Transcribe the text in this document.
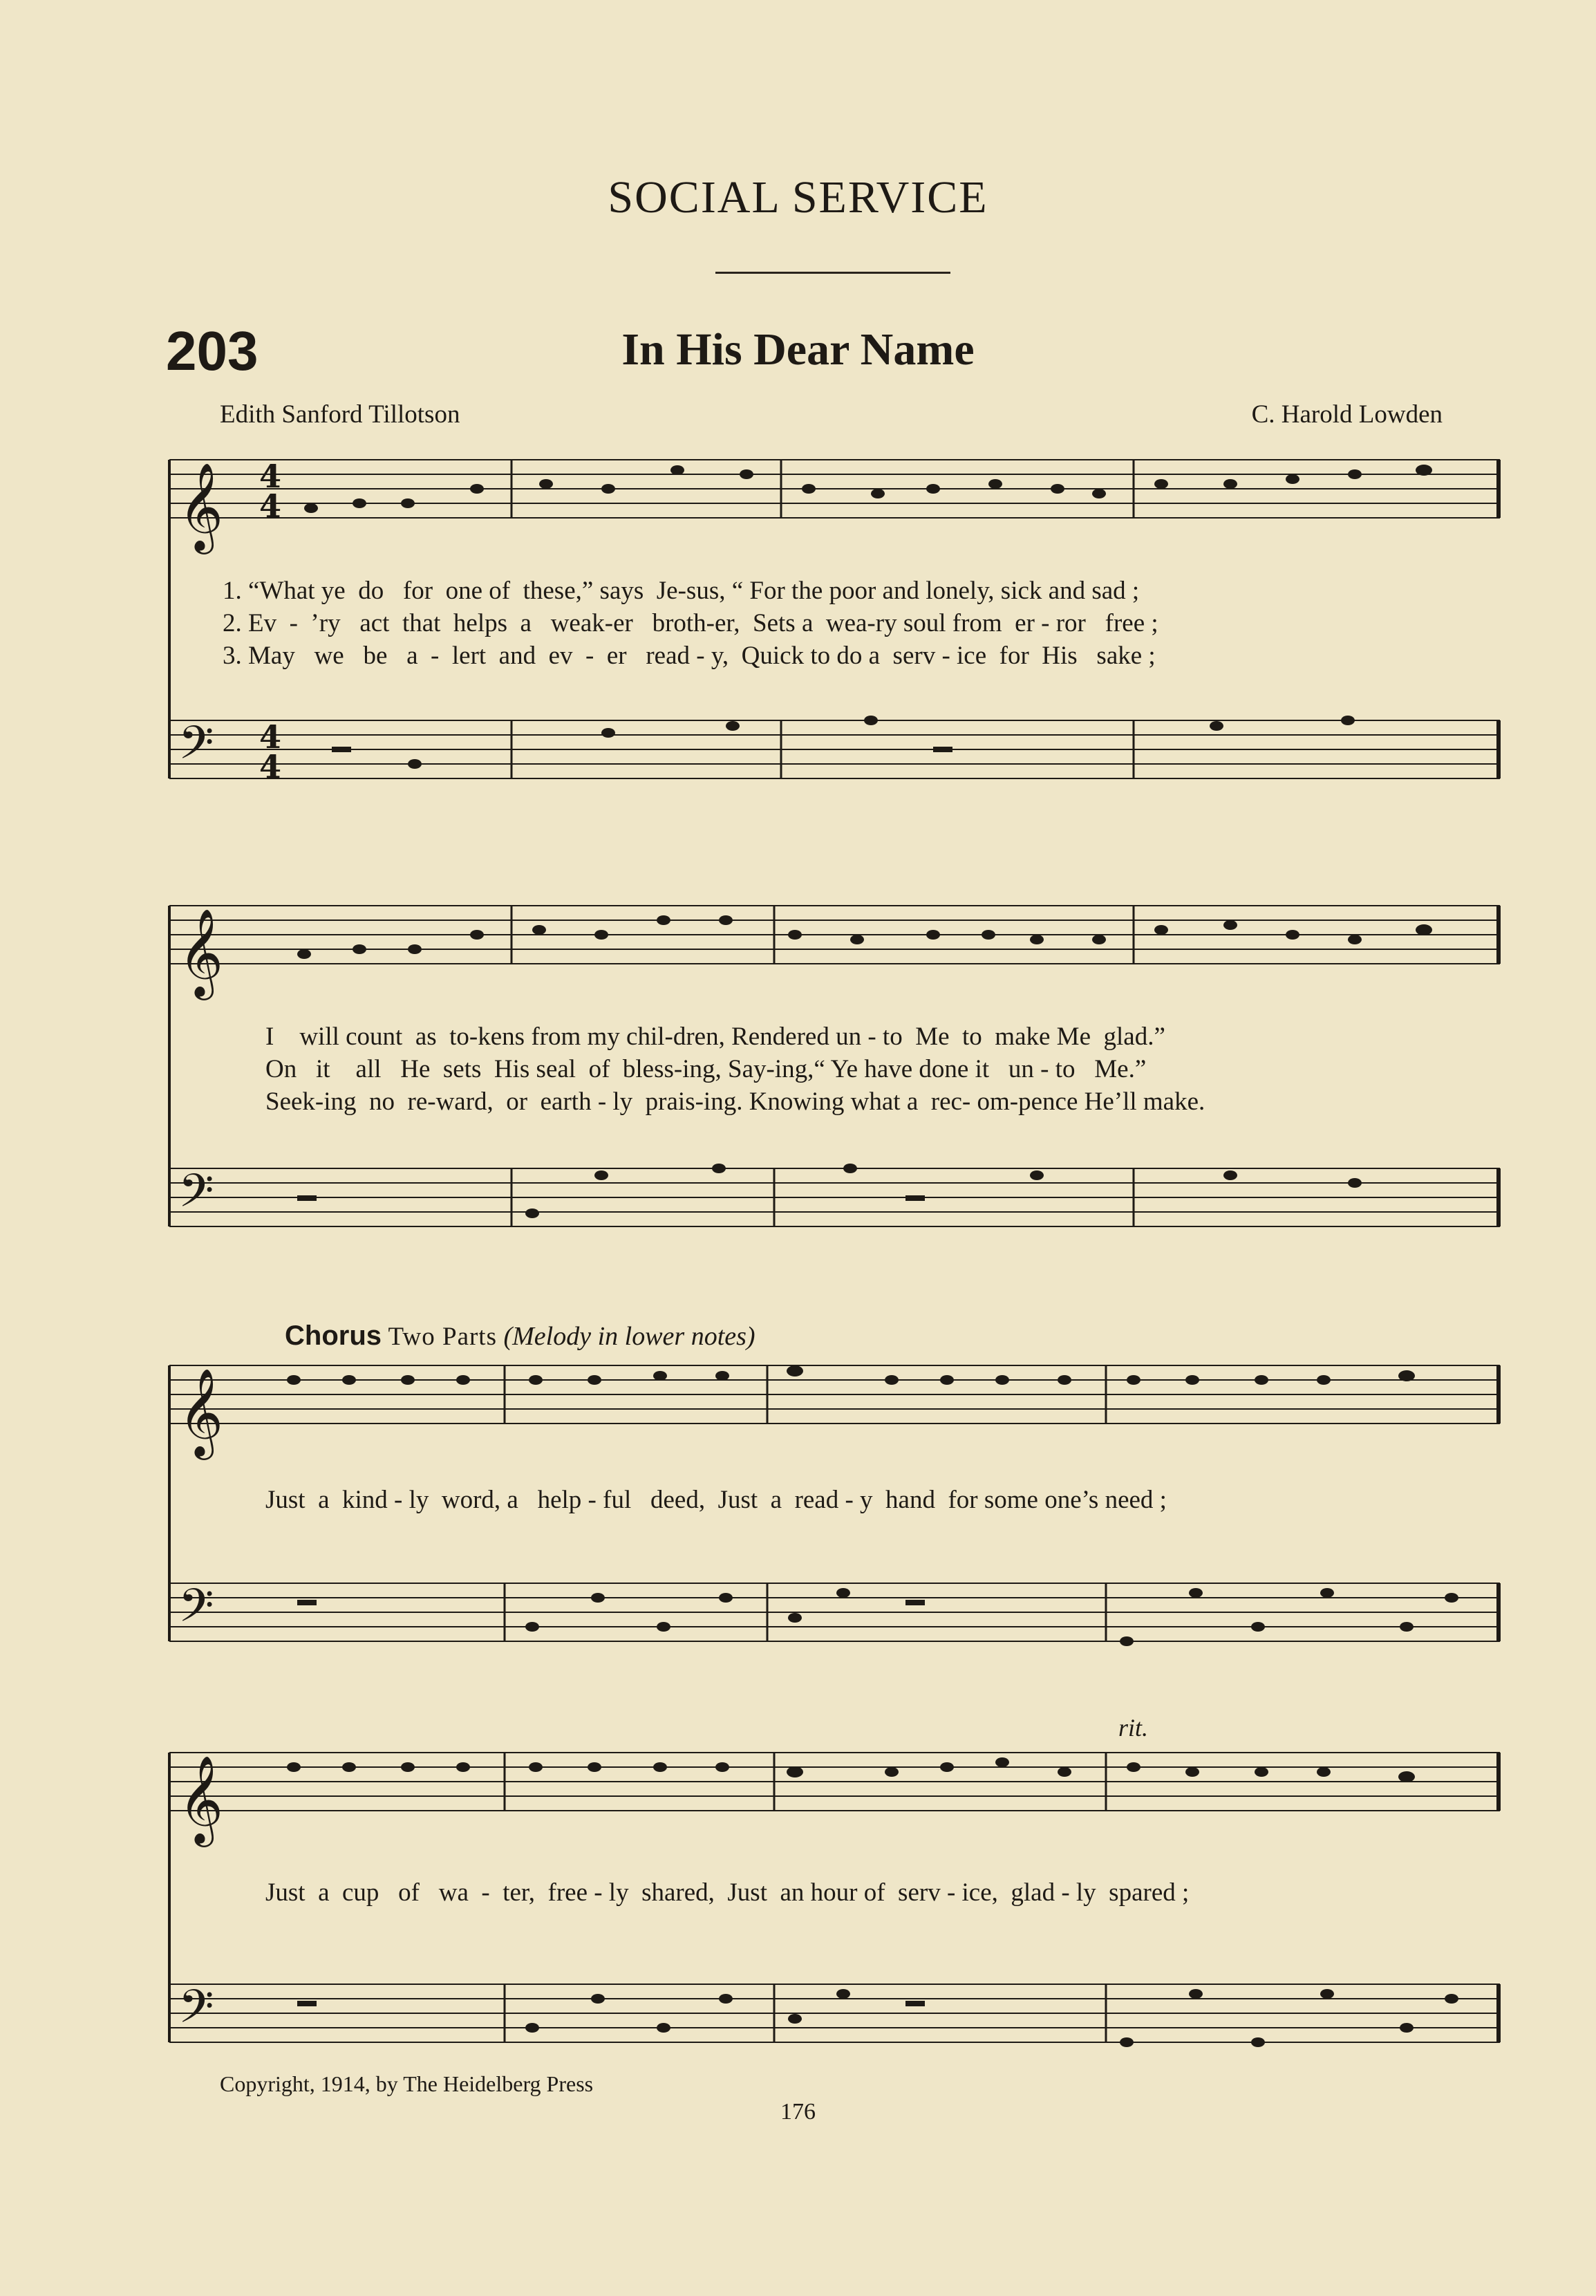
SOCIAL SERVICE
203	In His Dear Name
Edith Sanford Tillotson	C. Harold Lowden
𝄞
𝄢
4
4
4
4
𝄞
𝄢
𝄞
𝄢
𝄞
𝄢
1. “What ye  do   for  one of  these,” says  Je-sus, “ For the poor and lonely, sick and sad ;
2. Ev  -  ’ry   act  that  helps  a   weak-er   broth-er,  Sets a  wea-ry soul from  er - ror   free ;
3. May   we   be   a  -  lert  and  ev  -  er   read - y,  Quick to do a  serv - ice  for  His   sake ;
I    will count  as  to-kens from my chil-dren, Rendered un - to  Me  to  make Me  glad.”
On   it    all   He  sets  His seal  of  bless-ing, Say-ing,“ Ye have done it   un - to   Me.”
Seek-ing  no  re-ward,  or  earth - ly  prais-ing. Knowing what a  rec- om-pence He’ll make.
Chorus Two Parts (Melody in lower notes)
Just  a  kind - ly  word, a   help - ful   deed,  Just  a  read - y  hand  for some one’s need ;
rit.
Just  a  cup   of   wa  -  ter,  free - ly  shared,  Just  an hour of  serv - ice,  glad - ly  spared ;
Copyright, 1914, by The Heidelberg Press
176
